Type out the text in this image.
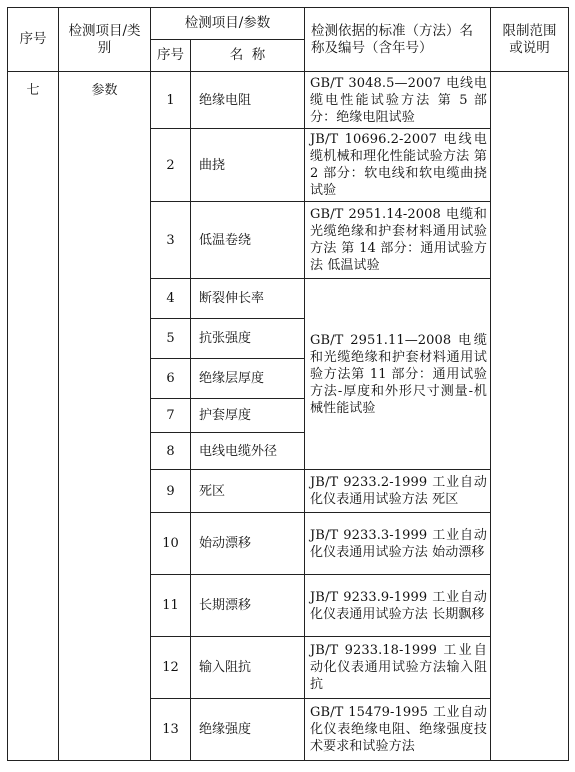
序号	检测项目/类别	检测项目/参数		检测依据的标准（方法）名称及编号（含年号）	限制范围或说明
		序号	名  称		
七	参数	1	绝缘电阻	GB/T 3048.5—2007 电线电缆电性能试验方法 第 5 部分：绝缘电阻试验	
		2	曲挠	JB/T 10696.2-2007 电线电缆机械和理化性能试验方法 第 2 部分：软电线和软电缆曲挠试验	
		3	低温卷绕	GB/T 2951.14-2008 电缆和光缆绝缘和护套材料通用试验方法 第 14 部分：通用试验方法 低温试验	
		4	断裂伸长率	GB/T 2951.11—2008 电缆和光缆绝缘和护套材料通用试验方法第 11 部分：通用试验方法-厚度和外形尺寸测量-机械性能试验	
		5	抗张强度		
		6	绝缘层厚度		
		7	护套厚度		
		8	电线电缆外径		
		9	死区	JB/T 9233.2-1999 工业自动化仪表通用试验方法 死区	
		10	始动漂移	JB/T 9233.3-1999 工业自动化仪表通用试验方法 始动漂移	
		11	长期漂移	JB/T 9233.9-1999 工业自动化仪表通用试验方法 长期飘移	
		12	输入阻抗	JB/T 9233.18-1999 工业自动化仪表通用试验方法输入阻抗	
		13	绝缘强度	GB/T 15479-1995 工业自动化仪表绝缘电阻、绝缘强度技术要求和试验方法	
